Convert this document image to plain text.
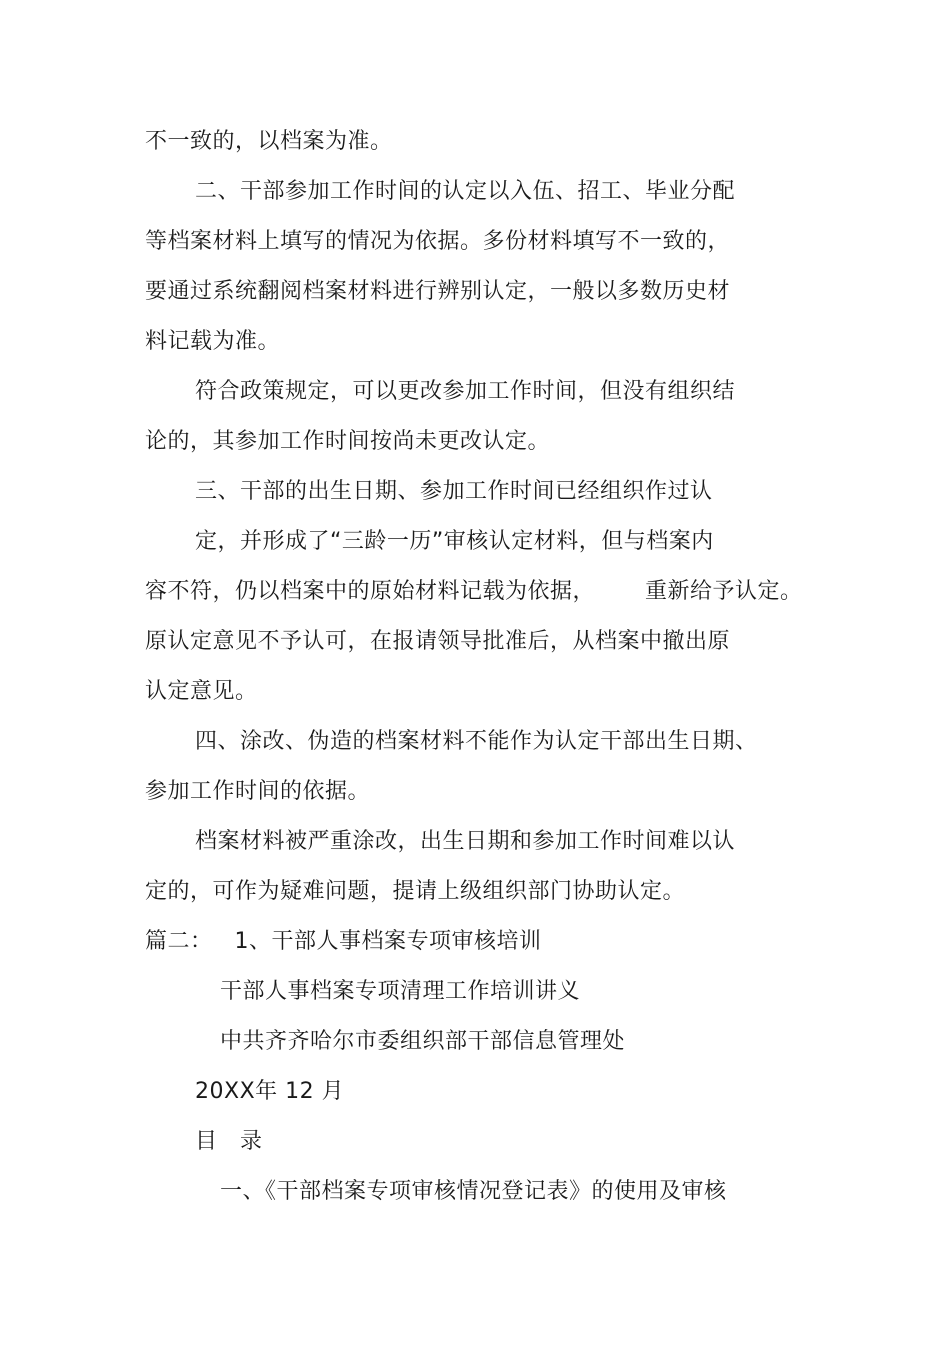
不一致的，以档案为准。
二、干部参加工作时间的认定以入伍、招工、毕业分配
等档案材料上填写的情况为依据。多份材料填写不一致的，
要通过系统翻阅档案材料进行辨别认定，一般以多数历史材
料记载为准。
符合政策规定，可以更改参加工作时间，但没有组织结
论的，其参加工作时间按尚未更改认定。
三、干部的出生日期、参加工作时间已经组织作过认
定，并形成了“三龄一历”审核认定材料，但与档案内
容不符，仍以档案中的原始材料记载为依据， 重新给予认定。
原认定意见不予认可，在报请领导批准后，从档案中撤出原
认定意见。
四、涂改、伪造的档案材料不能作为认定干部出生日期、
参加工作时间的依据。
档案材料被严重涂改，出生日期和参加工作时间难以认
定的，可作为疑难问题，提请上级组织部门协助认定。
篇二： 1、干部人事档案专项审核培训
干部人事档案专项清理工作培训讲义
中共齐齐哈尔市委组织部干部信息管理处
20XX年 12 月
目　录
一、《干部档案专项审核情况登记表》的使用及审核
